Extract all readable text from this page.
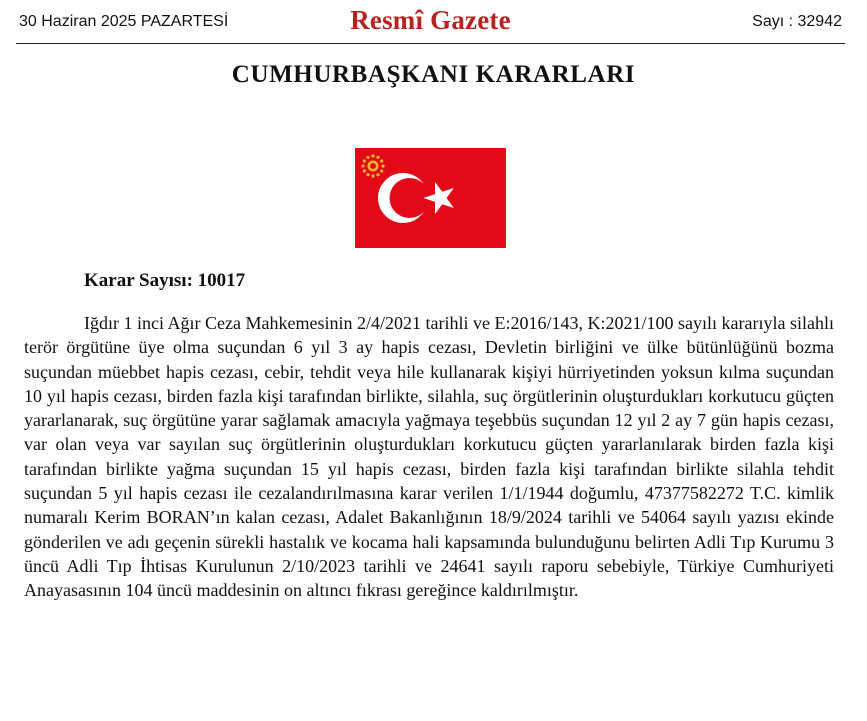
30 Haziran 2025 PAZARTESİ	Resmî Gazete	Sayı : 32942
CUMHURBAŞKANI KARARLARI
Karar Sayısı: 10017

Iğdır 1 inci Ağır Ceza Mahkemesinin 2/4/2021 tarihli ve E:2016/143, K:2021/100 sayılı kararıyla silahlı terör örgütüne üye olma suçundan 6 yıl 3 ay hapis cezası, Devletin birliğini ve ülke bütünlüğünü bozma suçundan müebbet hapis cezası, cebir, tehdit veya hile kullanarak kişiyi hürriyetinden yoksun kılma suçundan 10 yıl hapis cezası, birden fazla kişi tarafından birlikte, silahla, suç örgütlerinin oluşturdukları korkutucu güçten yararlanarak, suç örgütüne yarar sağlamak amacıyla yağmaya teşebbüs suçundan 12 yıl 2 ay 7 gün hapis cezası, var olan veya var sayılan suç örgütlerinin oluşturdukları korkutucu güçten yararlanılarak birden fazla kişi tarafından birlikte yağma suçundan 15 yıl hapis cezası, birden fazla kişi tarafından birlikte silahla tehdit suçundan 5 yıl hapis cezası ile cezalandırılmasına karar verilen 1/1/1944 doğumlu, 47377582272 T.C. kimlik numaralı Kerim BORAN’ın kalan cezası, Adalet Bakanlığının 18/9/2024 tarihli ve 54064 sayılı yazısı ekinde gönderilen ve adı geçenin sürekli hastalık ve kocama hali kapsamında bulunduğunu belirten Adli Tıp Kurumu 3 üncü Adli Tıp İhtisas Kurulunun 2/10/2023 tarihli ve 24641 sayılı raporu sebebiyle, Türkiye Cumhuriyeti Anayasasının 104 üncü maddesinin on altıncı fıkrası gereğince kaldırılmıştır.
